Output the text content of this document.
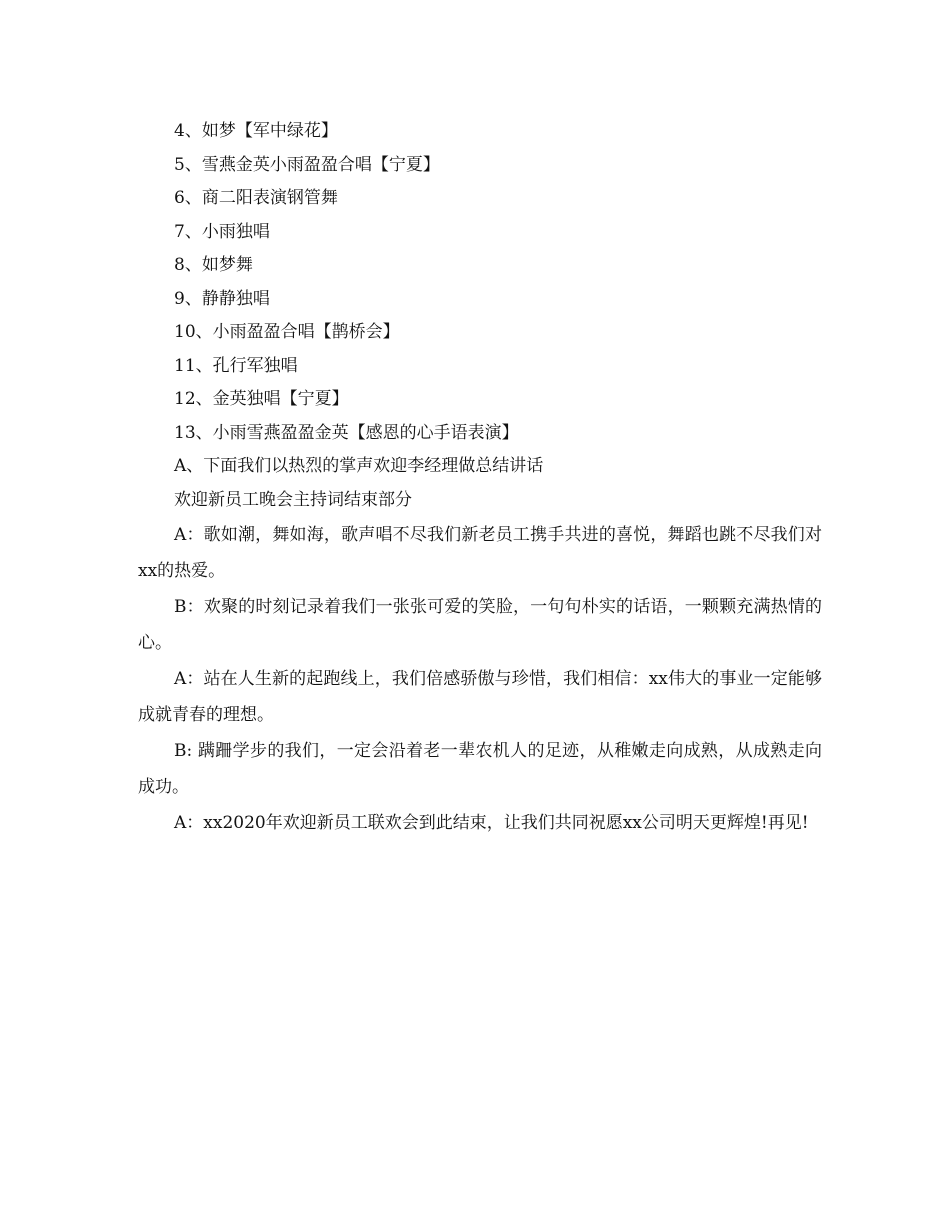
4、如梦【军中绿花】
5、雪燕金英小雨盈盈合唱【宁夏】
6、商二阳表演钢管舞
7、小雨独唱
8、如梦舞
9、静静独唱
10、小雨盈盈合唱【鹊桥会】
11、孔行军独唱
12、金英独唱【宁夏】
13、小雨雪燕盈盈金英【感恩的心手语表演】
A、下面我们以热烈的掌声欢迎李经理做总结讲话
欢迎新员工晚会主持词结束部分

A：歌如潮，舞如海，歌声唱不尽我们新老员工携手共进的喜悦，舞蹈也跳不尽我们对xx的热爱。

B：欢聚的时刻记录着我们一张张可爱的笑脸，一句句朴实的话语，一颗颗充满热情的心。

A：站在人生新的起跑线上，我们倍感骄傲与珍惜，我们相信：xx伟大的事业一定能够成就青春的理想。

B: 蹒跚学步的我们，一定会沿着老一辈农机人的足迹，从稚嫩走向成熟，从成熟走向成功。

A：xx2020年欢迎新员工联欢会到此结束，让我们共同祝愿xx公司明天更辉煌!再见!
